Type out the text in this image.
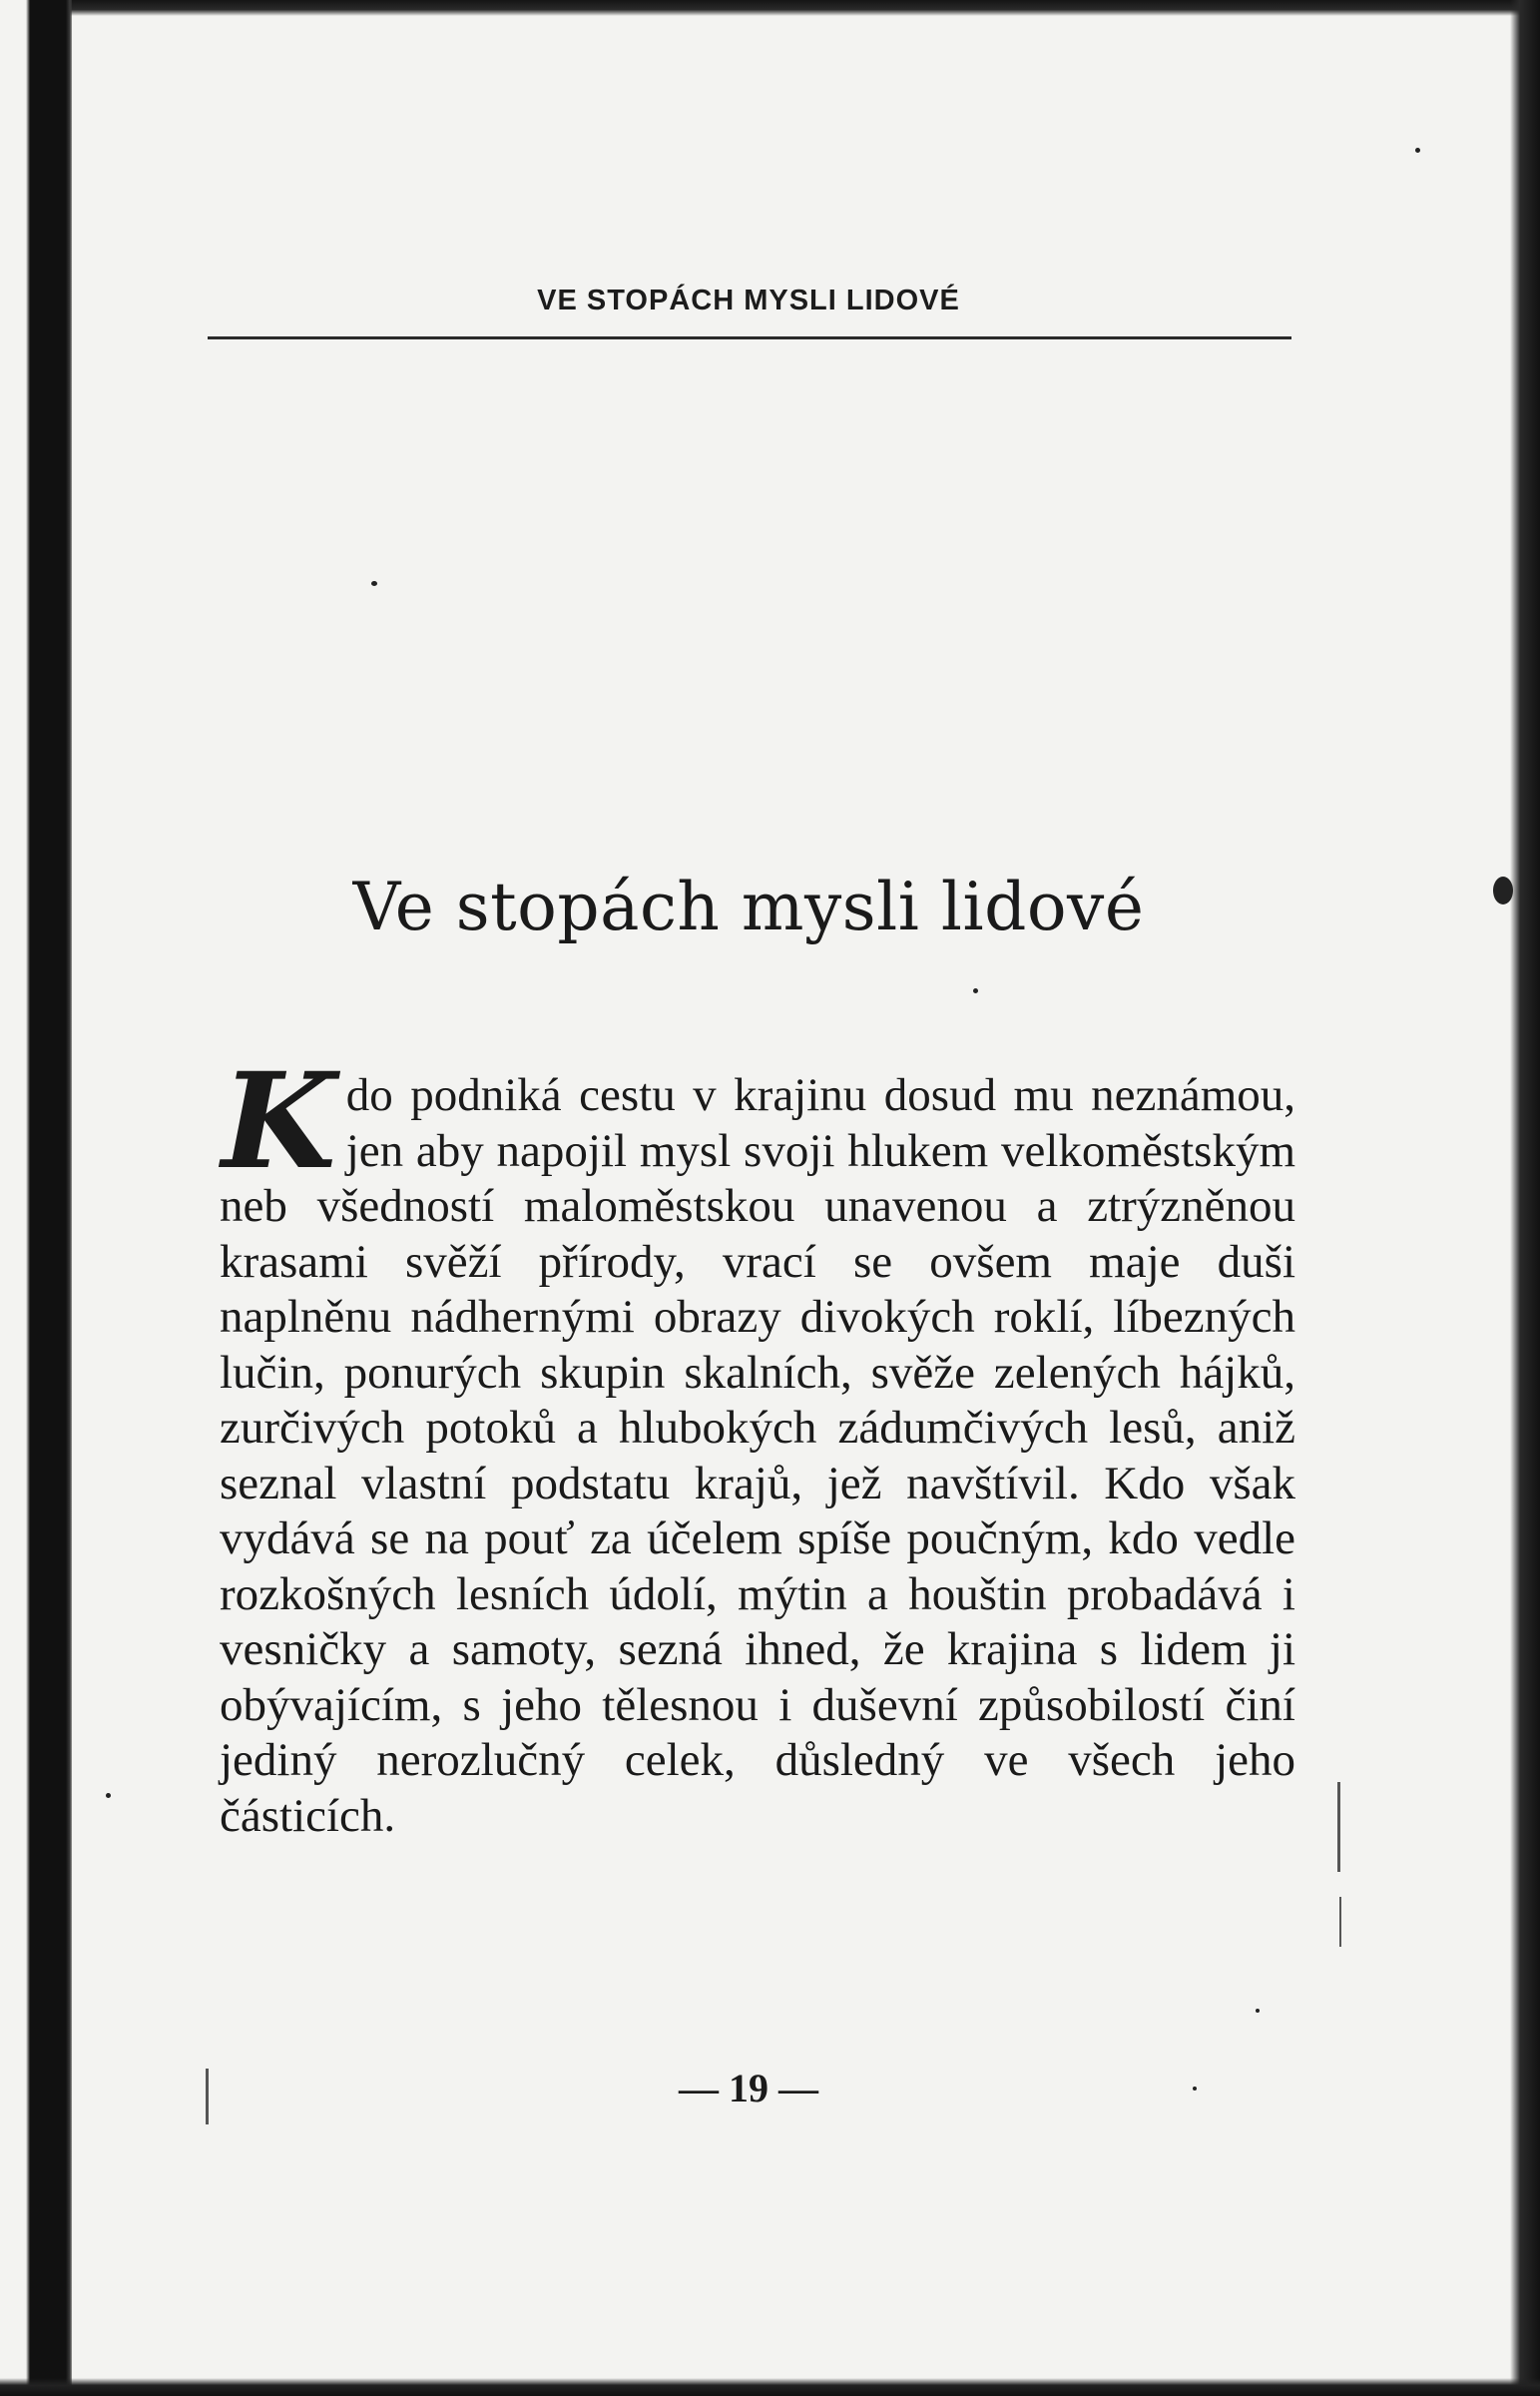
VE STOPÁCH MYSLI LIDOVÉ
Ve stopách mysli lidové
Kdo podniká cestu v krajinu dosud mu neznámou, jen aby napojil mysl svoji hlukem velkoměstským neb všedností maloměstskou unavenou a ztrýzněnou krasami svěží přírody, vrací se ovšem maje duši naplněnu nádhernými obrazy divokých roklí, líbezných lučin, ponurých skupin skalních, svěže zelených hájků, zurčivých potoků a hlubokých zádumčivých lesů, aniž seznal vlastní podstatu krajů, jež navštívil. Kdo však vydává se na pouť za účelem spíše poučným, kdo vedle rozkošných lesních údolí, mýtin a houštin probadává i vesničky a samoty, sezná ihned, že krajina s lidem ji obývajícím, s jeho tělesnou i duševní způsobilostí činí jediný nerozlučný celek, důsledný ve všech jeho částicích.
— 19 —
